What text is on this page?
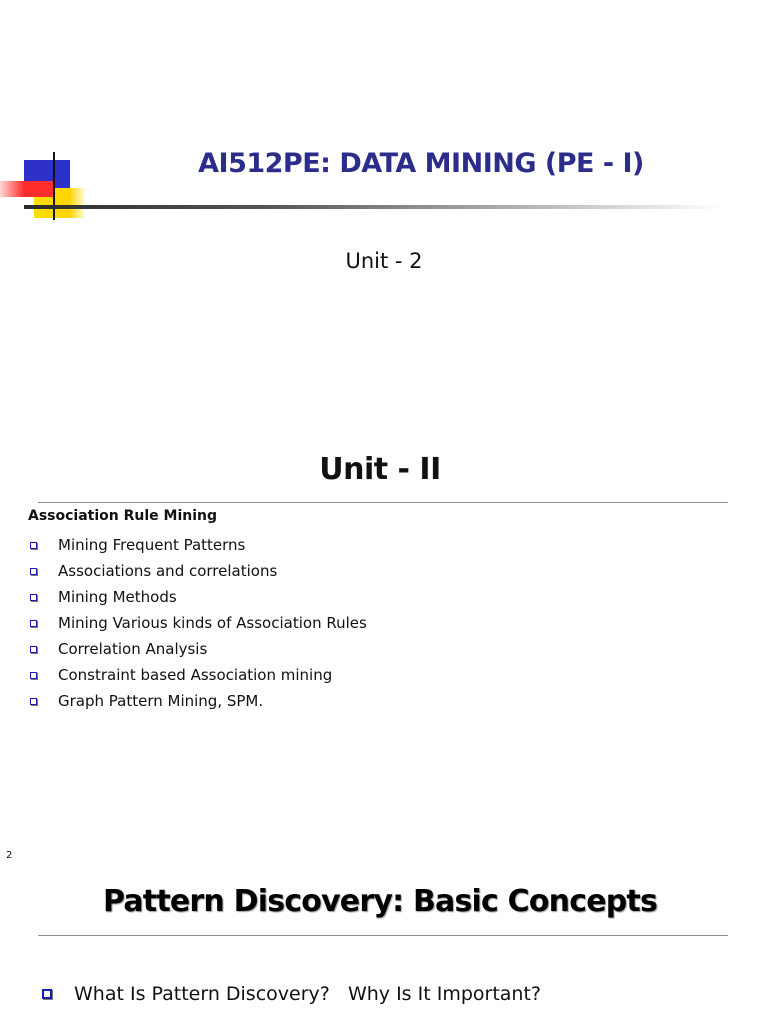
AI512PE: DATA MINING (PE - I)
Unit - 2
Unit - II
Association Rule Mining
Mining Frequent Patterns
Associations and correlations
Mining Methods
Mining Various kinds of Association Rules
Correlation Analysis
Constraint based Association mining
Graph Pattern Mining, SPM.
2
Pattern Discovery: Basic Concepts
What Is Pattern Discovery?   Why Is It Important?
